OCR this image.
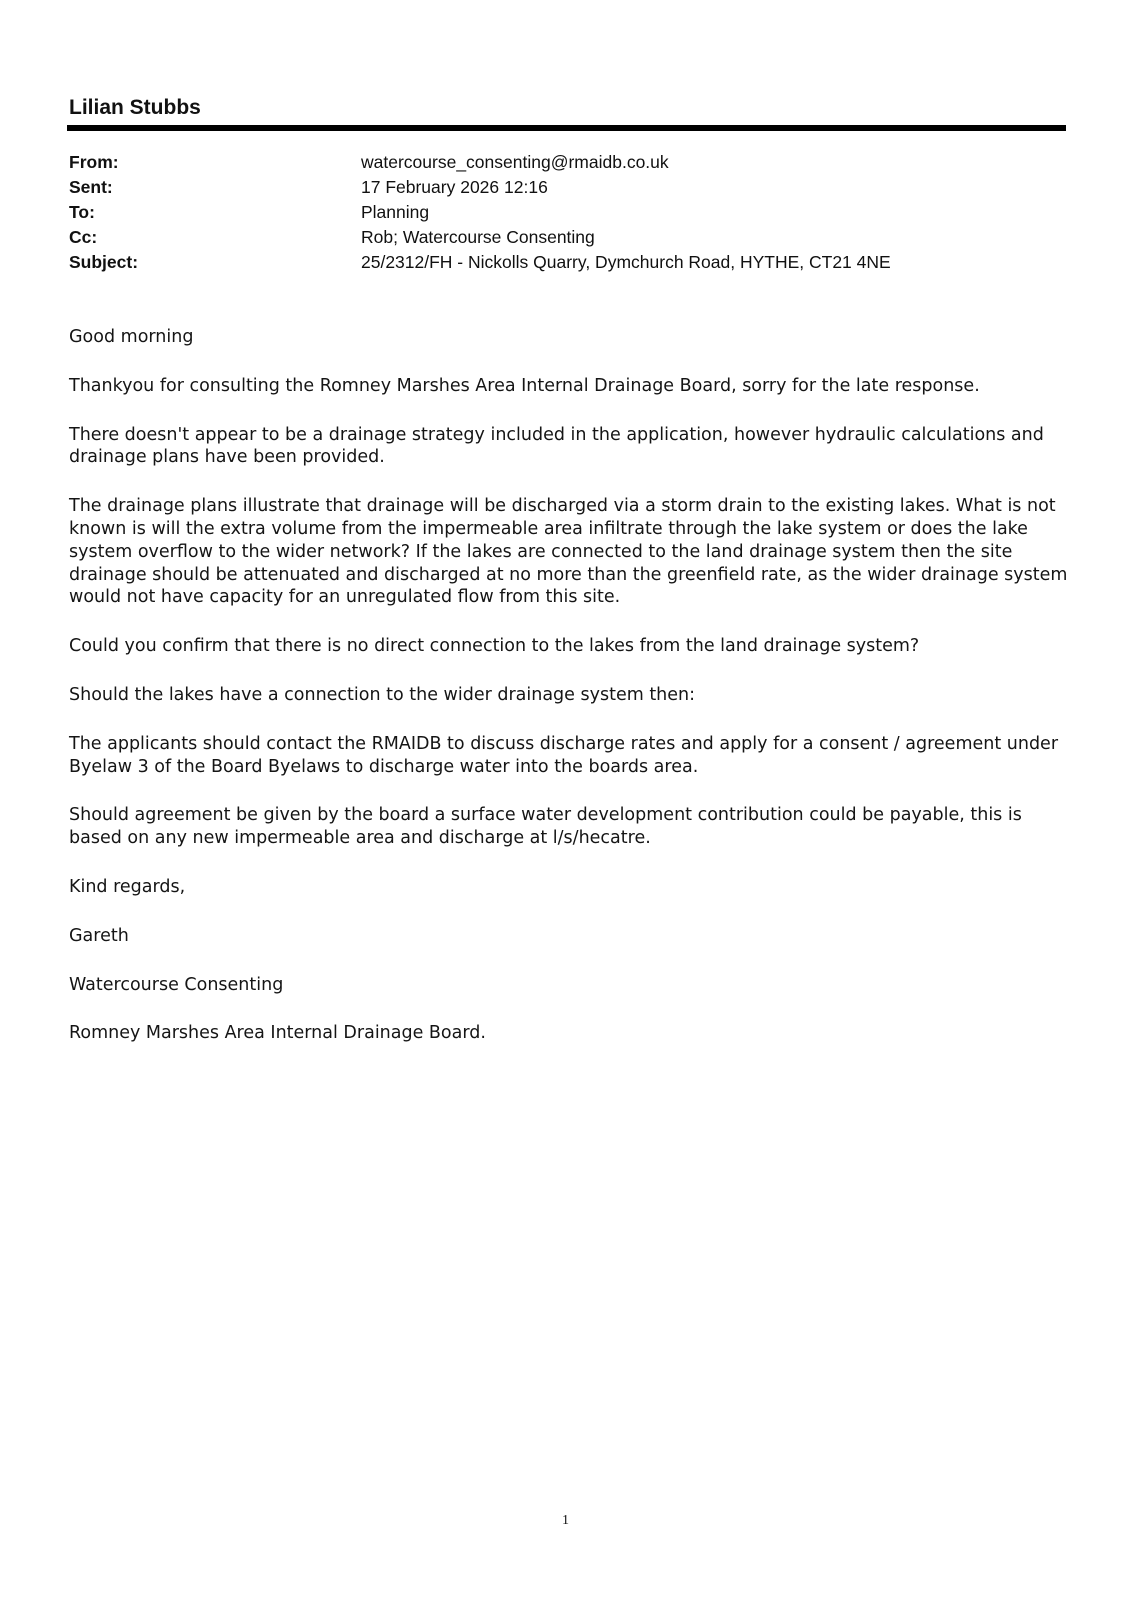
Lilian Stubbs
From:	watercourse_consenting@rmaidb.co.uk
Sent:	17 February 2026 12:16
To:	Planning
Cc:	Rob; Watercourse Consenting
Subject:	25/2312/FH - Nickolls Quarry, Dymchurch Road, HYTHE, CT21 4NE

Good morning

Thankyou for consulting the Romney Marshes Area Internal Drainage Board, sorry for the late response.

There doesn't appear to be a drainage strategy included in the application, however hydraulic calculations and drainage plans have been provided.

The drainage plans illustrate that drainage will be discharged via a storm drain to the existing lakes. What is not known is will the extra volume from the impermeable area infiltrate through the lake system or does the lake system overflow to the wider network? If the lakes are connected to the land drainage system then the site drainage should be attenuated and discharged at no more than the greenfield rate, as the wider drainage system would not have capacity for an unregulated flow from this site.

Could you confirm that there is no direct connection to the lakes from the land drainage system?

Should the lakes have a connection to the wider drainage system then:

The applicants should contact the RMAIDB to discuss discharge rates and apply for a consent / agreement under Byelaw 3 of the Board Byelaws to discharge water into the boards area.

Should agreement be given by the board a surface water development contribution could be payable, this is based on any new impermeable area and discharge at l/s/hecatre.

Kind regards,

Gareth

Watercourse Consenting

Romney Marshes Area Internal Drainage Board.

1
